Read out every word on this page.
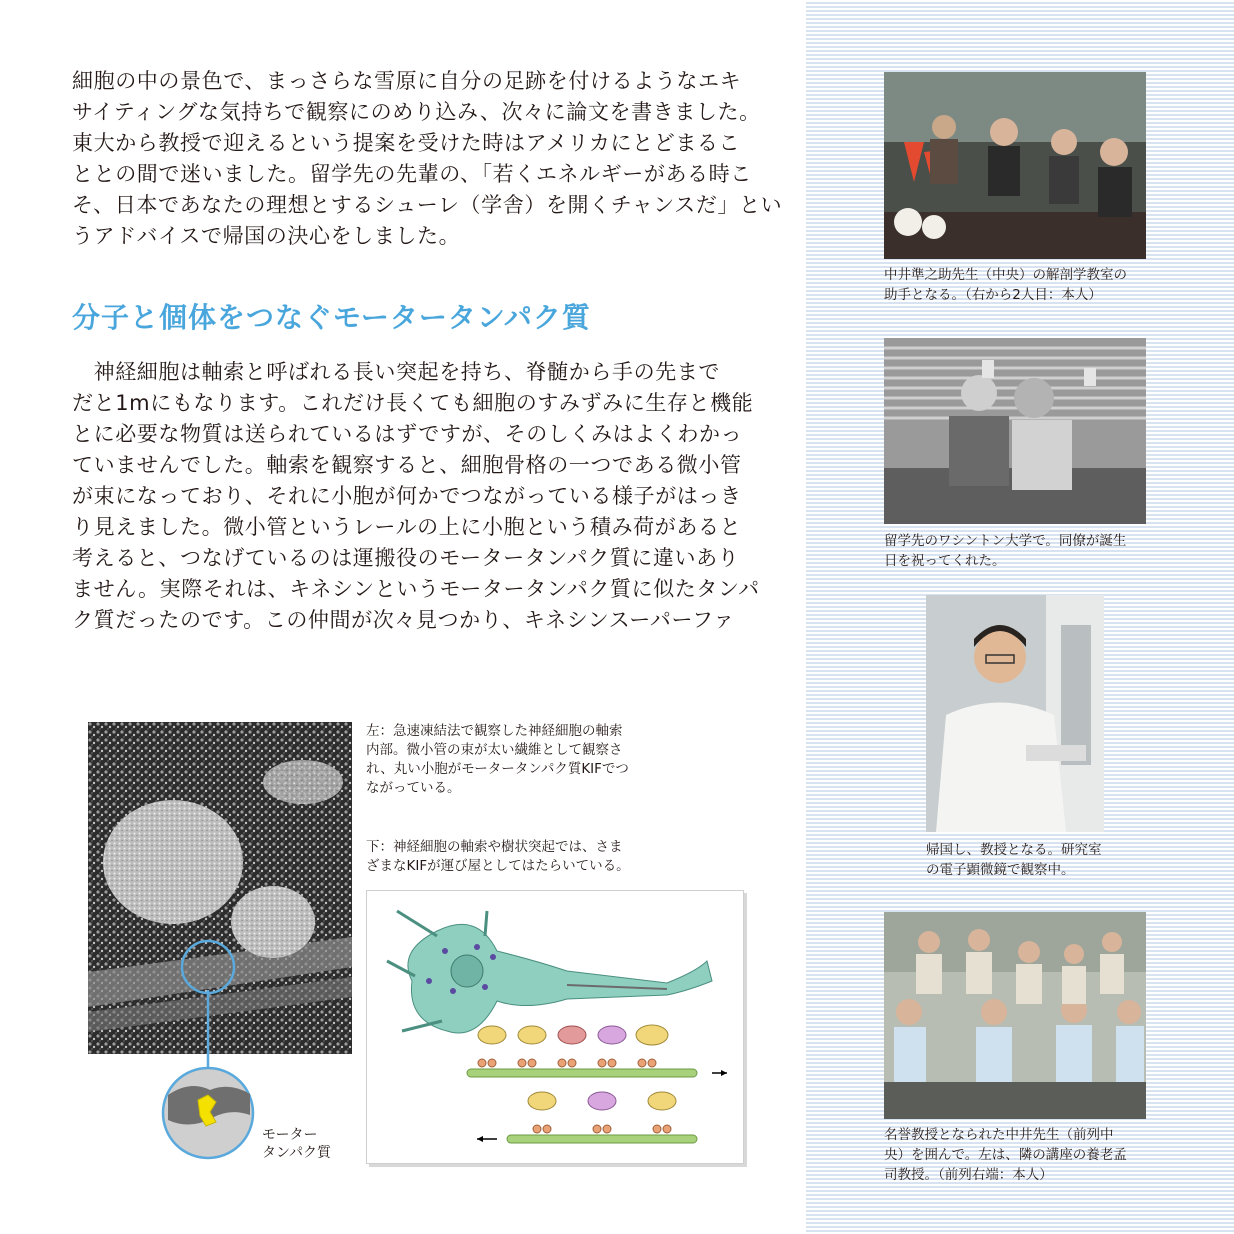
細胞の中の景色で、まっさらな雪原に自分の足跡を付けるようなエキ
サイティングな気持ちで観察にのめり込み、次々に論文を書きました。
東大から教授で迎えるという提案を受けた時はアメリカにとどまるこ
ととの間で迷いました。留学先の先輩の、「若くエネルギーがある時こ
そ、日本であなたの理想とするシューレ（学舎）を開くチャンスだ」とい
うアドバイスで帰国の決心をしました。
分子と個体をつなぐモータータンパク質
　神経細胞は軸索と呼ばれる長い突起を持ち、脊髄から手の先まで
だと1mにもなります。これだけ長くても細胞のすみずみに生存と機能
とに必要な物質は送られているはずですが、そのしくみはよくわかっ
ていませんでした。軸索を観察すると、細胞骨格の一つである微小管
が束になっており、それに小胞が何かでつながっている様子がはっき
り見えました。微小管というレールの上に小胞という積み荷があると
考えると、つなげているのは運搬役のモータータンパク質に違いあり
ません。実際それは、キネシンというモータータンパク質に似たタンパ
ク質だったのです。この仲間が次々見つかり、キネシンスーパーファ
モーター
タンパク質
左：急速凍結法で観察した神経細胞の軸索
内部。微小管の束が太い繊維として観察さ
れ、丸い小胞がモータータンパク質KIFでつ
ながっている。
下：神経細胞の軸索や樹状突起では、さま
ざまなKIFが運び屋としてはたらいている。
中井準之助先生（中央）の解剖学教室の
助手となる。（右から2人目：本人）
留学先のワシントン大学で。同僚が誕生
日を祝ってくれた。
帰国し、教授となる。研究室
の電子顕微鏡で観察中。
名誉教授となられた中井先生（前列中
央）を囲んで。左は、隣の講座の養老孟
司教授。（前列右端：本人）
